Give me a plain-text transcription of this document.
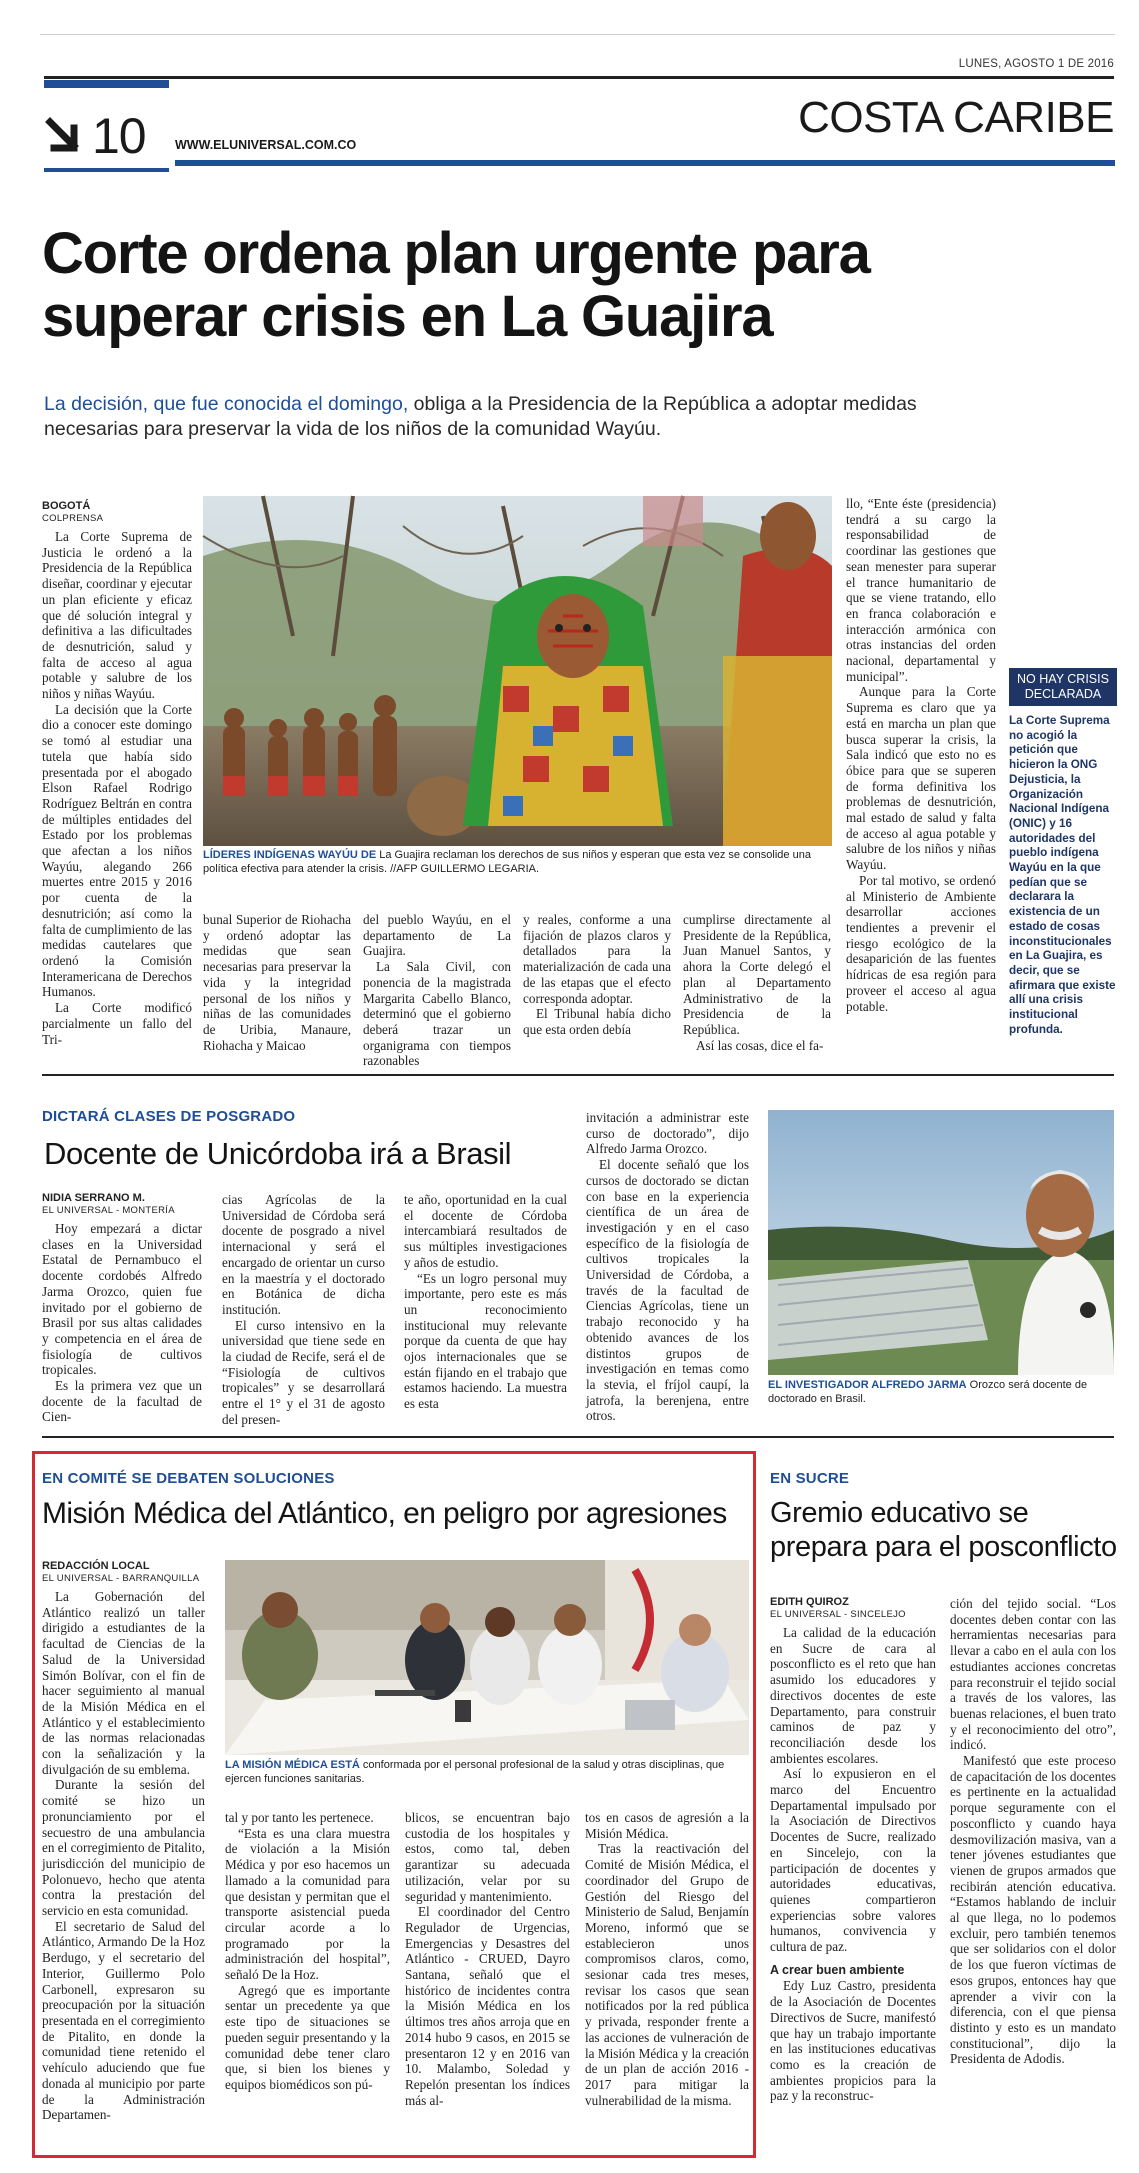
LUNES, AGOSTO 1 DE 2016
10 WWW.ELUNIVERSAL.COM.CO
COSTA CARIBE
Corte ordena plan urgente para superar crisis en La Guajira
La decisión, que fue conocida el domingo, obliga a la Presidencia de la República a adoptar medidas necesarias para preservar la vida de los niños de la comunidad Wayúu.
BOGOTÁ
COLPRENSA

La Corte Suprema de Justicia le ordenó a la Presidencia de la República diseñar, coordinar y ejecutar un plan eficiente y eficaz que dé solución integral y definitiva a las dificultades de desnutrición, salud y falta de acceso al agua potable y salubre de los niños y niñas Wayúu.

La decisión que la Corte dio a conocer este domingo se tomó al estudiar una tutela que había sido presentada por el abogado Elson Rafael Rodrigo Rodríguez Beltrán en contra de múltiples entidades del Estado por los problemas que afectan a los niños Wayúu, alegando 266 muertes entre 2015 y 2016 por cuenta de la desnutrición; así como la falta de cumplimiento de las medidas cautelares que ordenó la Comisión Interamericana de Derechos Humanos.

La Corte modificó parcialmente un fallo del Tri-

LÍDERES INDÍGENAS WAYÚU DE La Guajira reclaman los derechos de sus niños y esperan que esta vez se consolide una política efectiva para atender la crisis. //AFP GUILLERMO LEGARIA.

bunal Superior de Riohacha y ordenó adoptar las medidas que sean necesarias para preservar la vida y la integridad personal de los niños y niñas de las comunidades de Uribia, Manaure, Riohacha y Maicao

del pueblo Wayúu, en el departamento de La Guajira.

La Sala Civil, con ponencia de la magistrada Margarita Cabello Blanco, determinó que el gobierno deberá trazar un organigrama con tiempos razonables

y reales, conforme a una fijación de plazos claros y detallados para la materialización de cada una de las etapas que el efecto corresponda adoptar.

El Tribunal había dicho que esta orden debía

cumplirse directamente al Presidente de la República, Juan Manuel Santos, y ahora la Corte delegó el plan al Departamento Administrativo de la Presidencia de la República.

Así las cosas, dice el fa-

llo, “Ente éste (presidencia) tendrá a su cargo la responsabilidad de coordinar las gestiones que sean menester para superar el trance humanitario de que se viene tratando, ello en franca colaboración e interacción armónica con otras instancias del orden nacional, departamental y municipal”.

Aunque para la Corte Suprema es claro que ya está en marcha un plan que busca superar la crisis, la Sala indicó que esto no es óbice para que se superen de forma definitiva los problemas de desnutrición, mal estado de salud y falta de acceso al agua potable y salubre de los niños y niñas Wayúu.

Por tal motivo, se ordenó al Ministerio de Ambiente desarrollar acciones tendientes a prevenir el riesgo ecológico de la desaparición de las fuentes hídricas de esa región para proveer el acceso al agua potable.

NO HAY CRISIS DECLARADA
La Corte Suprema no acogió la petición que hicieron la ONG Dejusticia, la Organización Nacional Indígena (ONIC) y 16 autoridades del pueblo indígena Wayúu en la que pedían que se declarara la existencia de un estado de cosas inconstitucionales en La Guajira, es decir, que se afirmara que existe allí una crisis institucional profunda.
DICTARÁ CLASES DE POSGRADO
Docente de Unicórdoba irá a Brasil
NIDIA SERRANO M.
EL UNIVERSAL - MONTERÍA

Hoy empezará a dictar clases en la Universidad Estatal de Pernambuco el docente cordobés Alfredo Jarma Orozco, quien fue invitado por el gobierno de Brasil por sus altas calidades y competencia en el área de fisiología de cultivos tropicales.

Es la primera vez que un docente de la facultad de Cien-

cias Agrícolas de la Universidad de Córdoba será docente de posgrado a nivel internacional y será el encargado de orientar un curso en la maestría y el doctorado en Botánica de dicha institución.

El curso intensivo en la universidad que tiene sede en la ciudad de Recife, será el de “Fisiología de cultivos tropicales” y se desarrollará entre el 1° y el 31 de agosto del presen-

te año, oportunidad en la cual el docente de Córdoba intercambiará resultados de sus múltiples investigaciones y años de estudio.

“Es un logro personal muy importante, pero este es más un reconocimiento institucional muy relevante porque da cuenta de que hay ojos internacionales que se están fijando en el trabajo que estamos haciendo. La muestra es esta

invitación a administrar este curso de doctorado”, dijo Alfredo Jarma Orozco.

El docente señaló que los cursos de doctorado se dictan con base en la experiencia científica de un área de investigación y en el caso específico de la fisiología de cultivos tropicales la Universidad de Córdoba, a través de la facultad de Ciencias Agrícolas, tiene un trabajo reconocido y ha obtenido avances de los distintos grupos de investigación en temas como la stevia, el fríjol caupí, la jatrofa, la berenjena, entre otros.

EL INVESTIGADOR ALFREDO JARMA Orozco será docente de doctorado en Brasil.
EN COMITÉ SE DEBATEN SOLUCIONES
Misión Médica del Atlántico, en peligro por agresiones
REDACCIÓN LOCAL
EL UNIVERSAL - BARRANQUILLA

La Gobernación del Atlántico realizó un taller dirigido a estudiantes de la facultad de Ciencias de la Salud de la Universidad Simón Bolívar, con el fin de hacer seguimiento al manual de la Misión Médica en el Atlántico y el establecimiento de las normas relacionadas con la señalización y la divulgación de su emblema.

Durante la sesión del comité se hizo un pronunciamiento por el secuestro de una ambulancia en el corregimiento de Pitalito, jurisdicción del municipio de Polonuevo, hecho que atenta contra la prestación del servicio en esta comunidad.

El secretario de Salud del Atlántico, Armando De la Hoz Berdugo, y el secretario del Interior, Guillermo Polo Carbonell, expresaron su preocupación por la situación presentada en el corregimiento de Pitalito, en donde la comunidad tiene retenido el vehículo aduciendo que fue donada al municipio por parte de la Administración Departamen-

LA MISIÓN MÉDICA ESTÁ conformada por el personal profesional de la salud y otras disciplinas, que ejercen funciones sanitarias.

tal y por tanto les pertenece.

“Esta es una clara muestra de violación a la Misión Médica y por eso hacemos un llamado a la comunidad para que desistan y permitan que el transporte asistencial pueda circular acorde a lo programado por la administración del hospital”, señaló De la Hoz.

Agregó que es importante sentar un precedente ya que este tipo de situaciones se pueden seguir presentando y la comunidad debe tener claro que, si bien los bienes y equipos biomédicos son pú-

blicos, se encuentran bajo custodia de los hospitales y estos, como tal, deben garantizar su adecuada utilización, velar por su seguridad y mantenimiento.

El coordinador del Centro Regulador de Urgencias, Emergencias y Desastres del Atlántico - CRUED, Dayro Santana, señaló que el histórico de incidentes contra la Misión Médica en los últimos tres años arroja que en 2014 hubo 9 casos, en 2015 se presentaron 12 y en 2016 van 10. Malambo, Soledad y Repelón presentan los índices más al-

tos en casos de agresión a la Misión Médica.

Tras la reactivación del Comité de Misión Médica, el coordinador del Grupo de Gestión del Riesgo del Ministerio de Salud, Benjamín Moreno, informó que se establecieron unos compromisos claros, como, sesionar cada tres meses, revisar los casos que sean notificados por la red pública y privada, responder frente a las acciones de vulneración de la Misión Médica y la creación de un plan de acción 2016 - 2017 para mitigar la vulnerabilidad de la misma.

EN SUCRE
Gremio educativo se prepara para el posconflicto
EDITH QUIROZ
EL UNIVERSAL - SINCELEJO

La calidad de la educación en Sucre de cara al posconflicto es el reto que han asumido los educadores y directivos docentes de este Departamento, para construir caminos de paz y reconciliación desde los ambientes escolares.

Así lo expusieron en el marco del Encuentro Departamental impulsado por la Asociación de Directivos Docentes de Sucre, realizado en Sincelejo, con la participación de docentes y autoridades educativas, quienes compartieron experiencias sobre valores humanos, convivencia y cultura de paz.

A crear buen ambiente

Edy Luz Castro, presidenta de la Asociación de Docentes Directivos de Sucre, manifestó que hay un trabajo importante en las instituciones educativas como es la creación de ambientes propicios para la paz y la reconstruc-

ción del tejido social. “Los docentes deben contar con las herramientas necesarias para llevar a cabo en el aula con los estudiantes acciones concretas para reconstruir el tejido social a través de los valores, las buenas relaciones, el buen trato y el reconocimiento del otro”, indicó.

Manifestó que este proceso de capacitación de los docentes es pertinente en la actualidad porque seguramente con el posconflicto y cuando haya desmovilización masiva, van a tener jóvenes estudiantes que vienen de grupos armados que recibirán atención educativa. “Estamos hablando de incluir al que llega, no lo podemos excluir, pero también tenemos que ser solidarios con el dolor de los que fueron víctimas de esos grupos, entonces hay que aprender a vivir con la diferencia, con el que piensa distinto y esto es un mandato constitucional”, dijo la Presidenta de Adodis.
